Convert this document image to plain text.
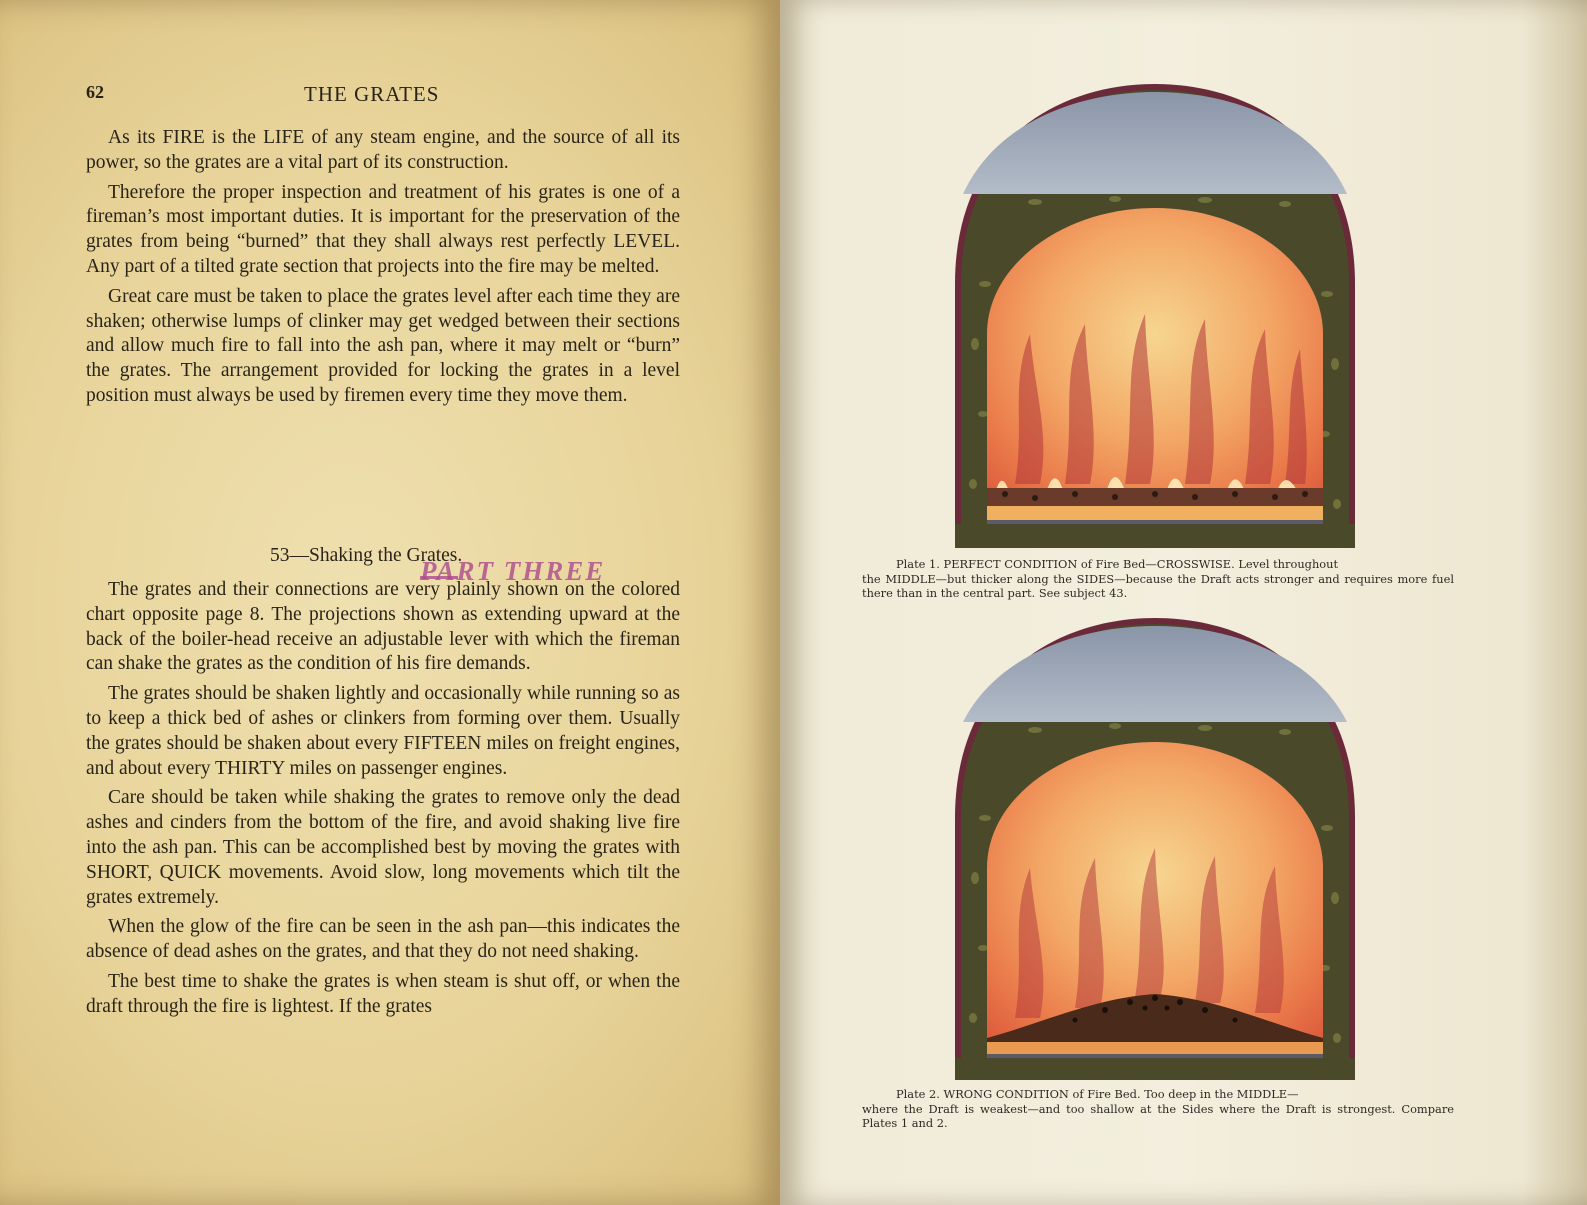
62	THE GRATES

As its FIRE is the LIFE of any steam engine, and the source of all its power, so the grates are a vital part of its construction.

Therefore the proper inspection and treatment of his grates is one of a fireman’s most important duties. It is important for the preservation of the grates from being “burned” that they shall always rest perfectly LEVEL. Any part of a tilted grate section that projects into the fire may be melted.

Great care must be taken to place the grates level after each time they are shaken; otherwise lumps of clinker may get wedged between their sections and allow much fire to fall into the ash pan, where it may melt or “burn” the grates. The arrangement provided for locking the grates in a level position must always be used by firemen every time they move them.

53—Shaking the Grates.
PART THREE

The grates and their connections are very plainly shown on the colored chart opposite page 8. The projections shown as extending upward at the back of the boiler-head receive an adjustable lever with which the fireman can shake the grates as the condition of his fire demands.

The grates should be shaken lightly and occasionally while running so as to keep a thick bed of ashes or clinkers from forming over them. Usually the grates should be shaken about every FIFTEEN miles on freight engines, and about every THIRTY miles on passenger engines.

Care should be taken while shaking the grates to remove only the dead ashes and cinders from the bottom of the fire, and avoid shaking live fire into the ash pan. This can be accomplished best by moving the grates with SHORT, QUICK movements. Avoid slow, long movements which tilt the grates extremely.

When the glow of the fire can be seen in the ash pan—this indicates the absence of dead ashes on the grates, and that they do not need shaking.

The best time to shake the grates is when steam is shut off, or when the draft through the fire is lightest. If the grates

Plate 1. PERFECT CONDITION of Fire Bed—CROSSWISE. Level throughout
the MIDDLE—but thicker along the SIDES—because the Draft acts stronger and requires more fuel there than in the central part. See subject 43.
Plate 2. WRONG CONDITION of Fire Bed. Too deep in the MIDDLE—
where the Draft is weakest—and too shallow at the Sides where the Draft is strongest. Compare Plates 1 and 2.
